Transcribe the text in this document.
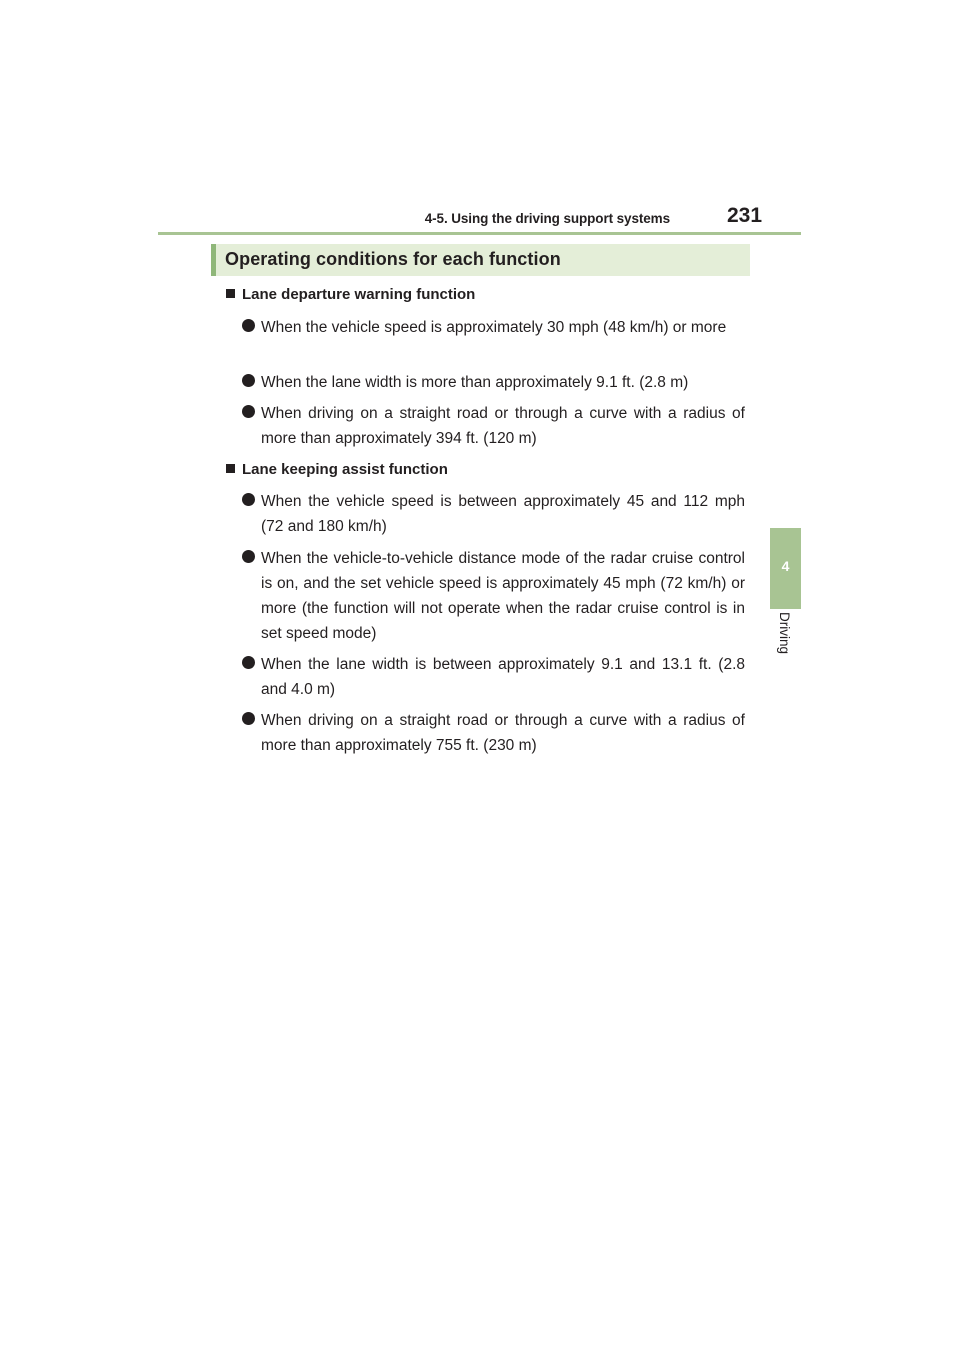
4-5. Using the driving support systems	231
4
Driving
Operating conditions for each function
Lane departure warning function
When the vehicle speed is approximately 30 mph (48 km/h) or more
When the lane width is more than approximately 9.1 ft. (2.8 m)
When driving on a straight road or through a curve with a radius of more than approximately 394 ft. (120 m)
Lane keeping assist function
When the vehicle speed is between approximately 45 and 112 mph (72 and 180 km/h)
When the vehicle-to-vehicle distance mode of the radar cruise control is on, and the set vehicle speed is approximately 45 mph (72 km/h) or more (the function will not operate when the radar cruise control is in set speed mode)
When the lane width is between approximately 9.1 and 13.1 ft. (2.8 and 4.0 m)
When driving on a straight road or through a curve with a radius of more than approximately 755 ft. (230 m)
